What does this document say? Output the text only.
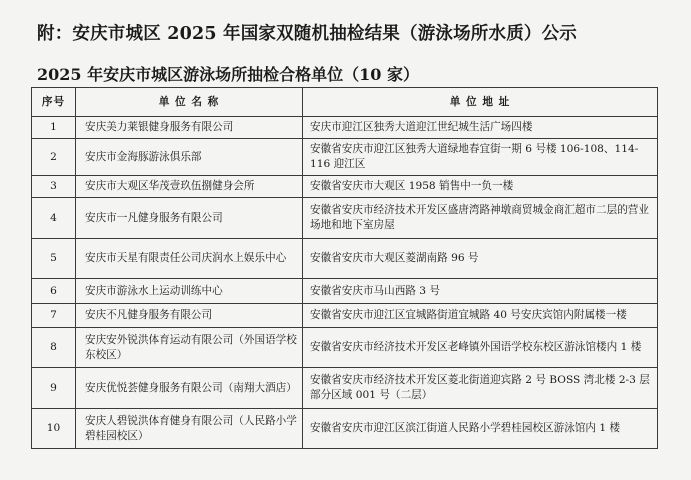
附：安庆市城区 2025 年国家双随机抽检结果（游泳场所水质）公示
2025 年安庆市城区游泳场所抽检合格单位（10 家）
序号	单 位 名 称	单 位 地 址
1	安庆美力莱银健身服务有限公司	安庆市迎江区独秀大道迎江世纪城生活广场四楼
2	安庆市金海豚游泳俱乐部	安徽省安庆市迎江区独秀大道绿地春宜街一期 6 号楼 106-108、114-116 迎江区
3	安庆市大观区华茂壹玖伍捌健身会所	安徽省安庆市大观区 1958 销售中一负一楼
4	安庆市一凡健身服务有限公司	安徽省安庆市经济技术开发区盛唐湾路神墩商贸城金商汇超市二层的营业场地和地下室房屋
5	安庆市天星有限责任公司庆润水上娱乐中心	安徽省安庆市大观区菱湖南路 96 号
6	安庆市游泳水上运动训练中心	安徽省安庆市马山西路 3 号
7	安庆不凡健身服务有限公司	安徽省安庆市迎江区宜城路街道宜城路 40 号安庆宾馆内附属楼一楼
8	安庆安外锐洪体育运动有限公司（外国语学校东校区）	安徽省安庆市经济技术开发区老峰镇外国语学校东校区游泳馆楼内 1 楼
9	安庆优悦荟健身服务有限公司（南翔大酒店）	安徽省安庆市经济技术开发区菱北街道迎宾路 2 号 BOSS 湾北楼 2-3 层部分区域 001 号（二层）
10	安庆人碧锐洪体育健身有限公司（人民路小学碧桂园校区）	安徽省安庆市迎江区滨江街道人民路小学碧桂园校区游泳馆内 1 楼
